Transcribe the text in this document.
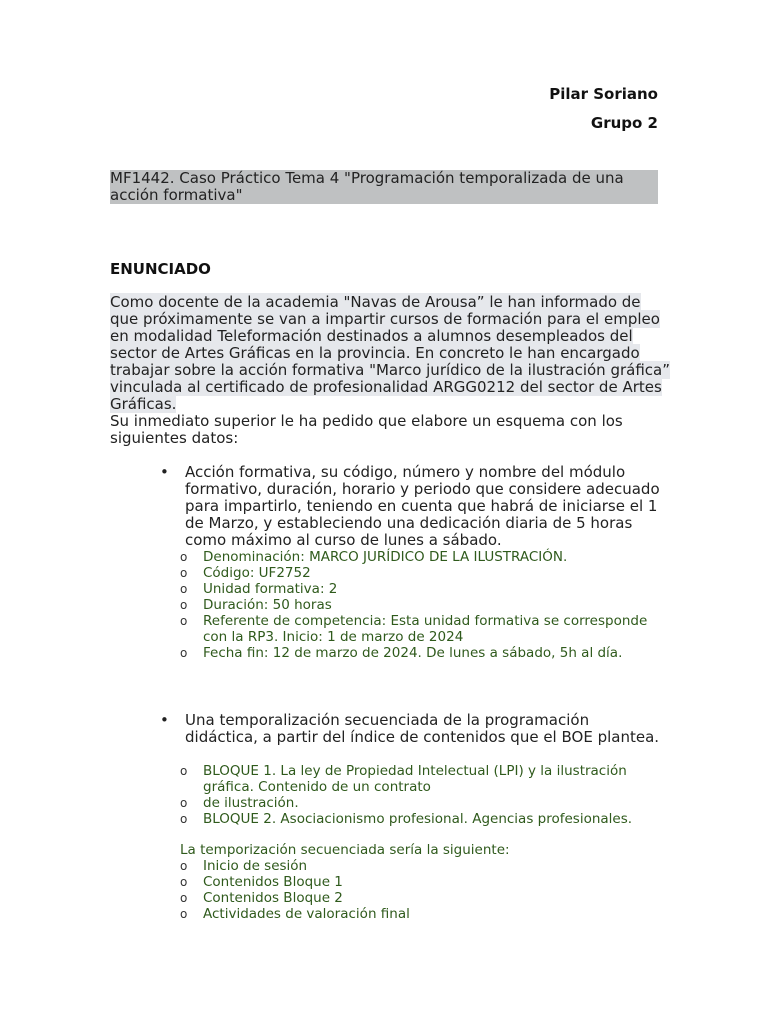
Pilar Soriano
Grupo 2
MF1442. Caso Práctico Tema 4 "Programación temporalizada de una acción formativa"
ENUNCIADO
Como docente de la academia "Navas de Arousa” le han informado de que próximamente se van a impartir cursos de formación para el empleo en modalidad Teleformación destinados a alumnos desempleados del sector de Artes Gráficas en la provincia. En concreto le han encargado trabajar sobre la acción formativa "Marco jurídico de la ilustración gráfica” vinculada al certificado de profesionalidad ARGG0212 del sector de Artes Gráficas.
Su inmediato superior le ha pedido que elabore un esquema con los siguientes datos:
• Acción formativa, su código, número y nombre del módulo formativo, duración, horario y periodo que considere adecuado para impartirlo, teniendo en cuenta que habrá de iniciarse el 1 de Marzo, y estableciendo una dedicación diaria de 5 horas como máximo al curso de lunes a sábado.
o Denominación: MARCO JURÍDICO DE LA ILUSTRACIÓN.
o Código: UF2752
o Unidad formativa: 2
o Duración: 50 horas
o Referente de competencia: Esta unidad formativa se corresponde con la RP3. Inicio: 1 de marzo de 2024
o Fecha fin: 12 de marzo de 2024. De lunes a sábado, 5h al día.
• Una temporalización secuenciada de la programación didáctica, a partir del índice de contenidos que el BOE plantea.
o BLOQUE 1. La ley de Propiedad Intelectual (LPI) y la ilustración gráfica. Contenido de un contrato
o de ilustración.
o BLOQUE 2. Asociacionismo profesional. Agencias profesionales.
La temporización secuenciada sería la siguiente:
o Inicio de sesión
o Contenidos Bloque 1
o Contenidos Bloque 2
o Actividades de valoración final
